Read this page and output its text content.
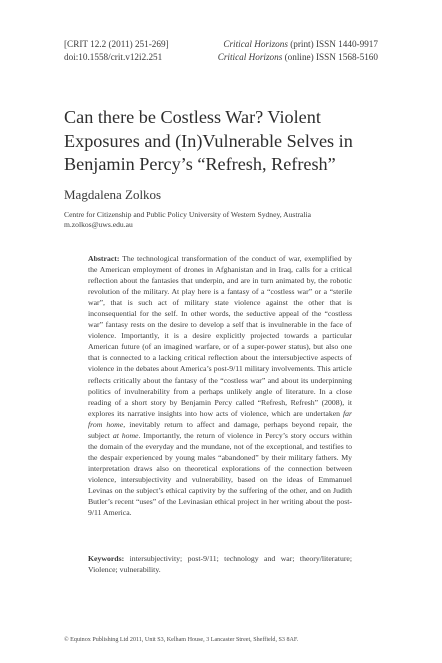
[CRIT 12.2 (2011) 251-269]
doi:10.1558/crit.v12i2.251
Critical Horizons (print) ISSN 1440-9917
Critical Horizons (online) ISSN 1568-5160
Can there be Costless War? Violent Exposures and (In)Vulnerable Selves in Benjamin Percy’s “Refresh, Refresh”
Magdalena Zolkos
Centre for Citizenship and Public Policy University of Western Sydney, Australia
m.zolkos@uws.edu.au

Abstract: The technological transformation of the conduct of war, exemplified by the American employment of drones in Afghanistan and in Iraq, calls for a critical reflection about the fantasies that underpin, and are in turn animated by, the robotic revolution of the military. At play here is a fantasy of a “costless war” or a “sterile war”, that is such act of military state violence against the other that is inconsequential for the self. In other words, the seductive appeal of the “costless war” fantasy rests on the desire to develop a self that is invulnerable in the face of violence. Importantly, it is a desire explicitly projected towards a particular American future (of an imagined warfare, or of a super-power status), but also one that is connected to a lacking critical reflection about the intersubjective aspects of violence in the debates about America’s post-9/11 military involvements. This article reflects critically about the fantasy of the “costless war” and about its underpinning politics of invulnerability from a perhaps unlikely angle of literature. In a close reading of a short story by Benjamin Percy called “Refresh, Refresh” (2008), it explores its narrative insights into how acts of violence, which are undertaken far from home, inevitably return to affect and damage, perhaps beyond repair, the subject at home. Importantly, the return of violence in Percy’s story occurs within the domain of the everyday and the mundane, not of the exceptional, and testifies to the despair experienced by young males “abandoned” by their military fathers. My interpretation draws also on theoretical explorations of the connection between violence, intersubjectivity and vulnerability, based on the ideas of Emmanuel Levinas on the subject’s ethical captivity by the suffering of the other, and on Judith Butler’s recent “uses” of the Levinasian ethical project in her writing about the post-9/11 America.

Keywords: intersubjectivity; post-9/11; technology and war; theory/literature; Violence; vulnerability.

© Equinox Publishing Ltd 2011, Unit S3, Kelham House, 3 Lancaster Street, Sheffield, S3 8AF.
